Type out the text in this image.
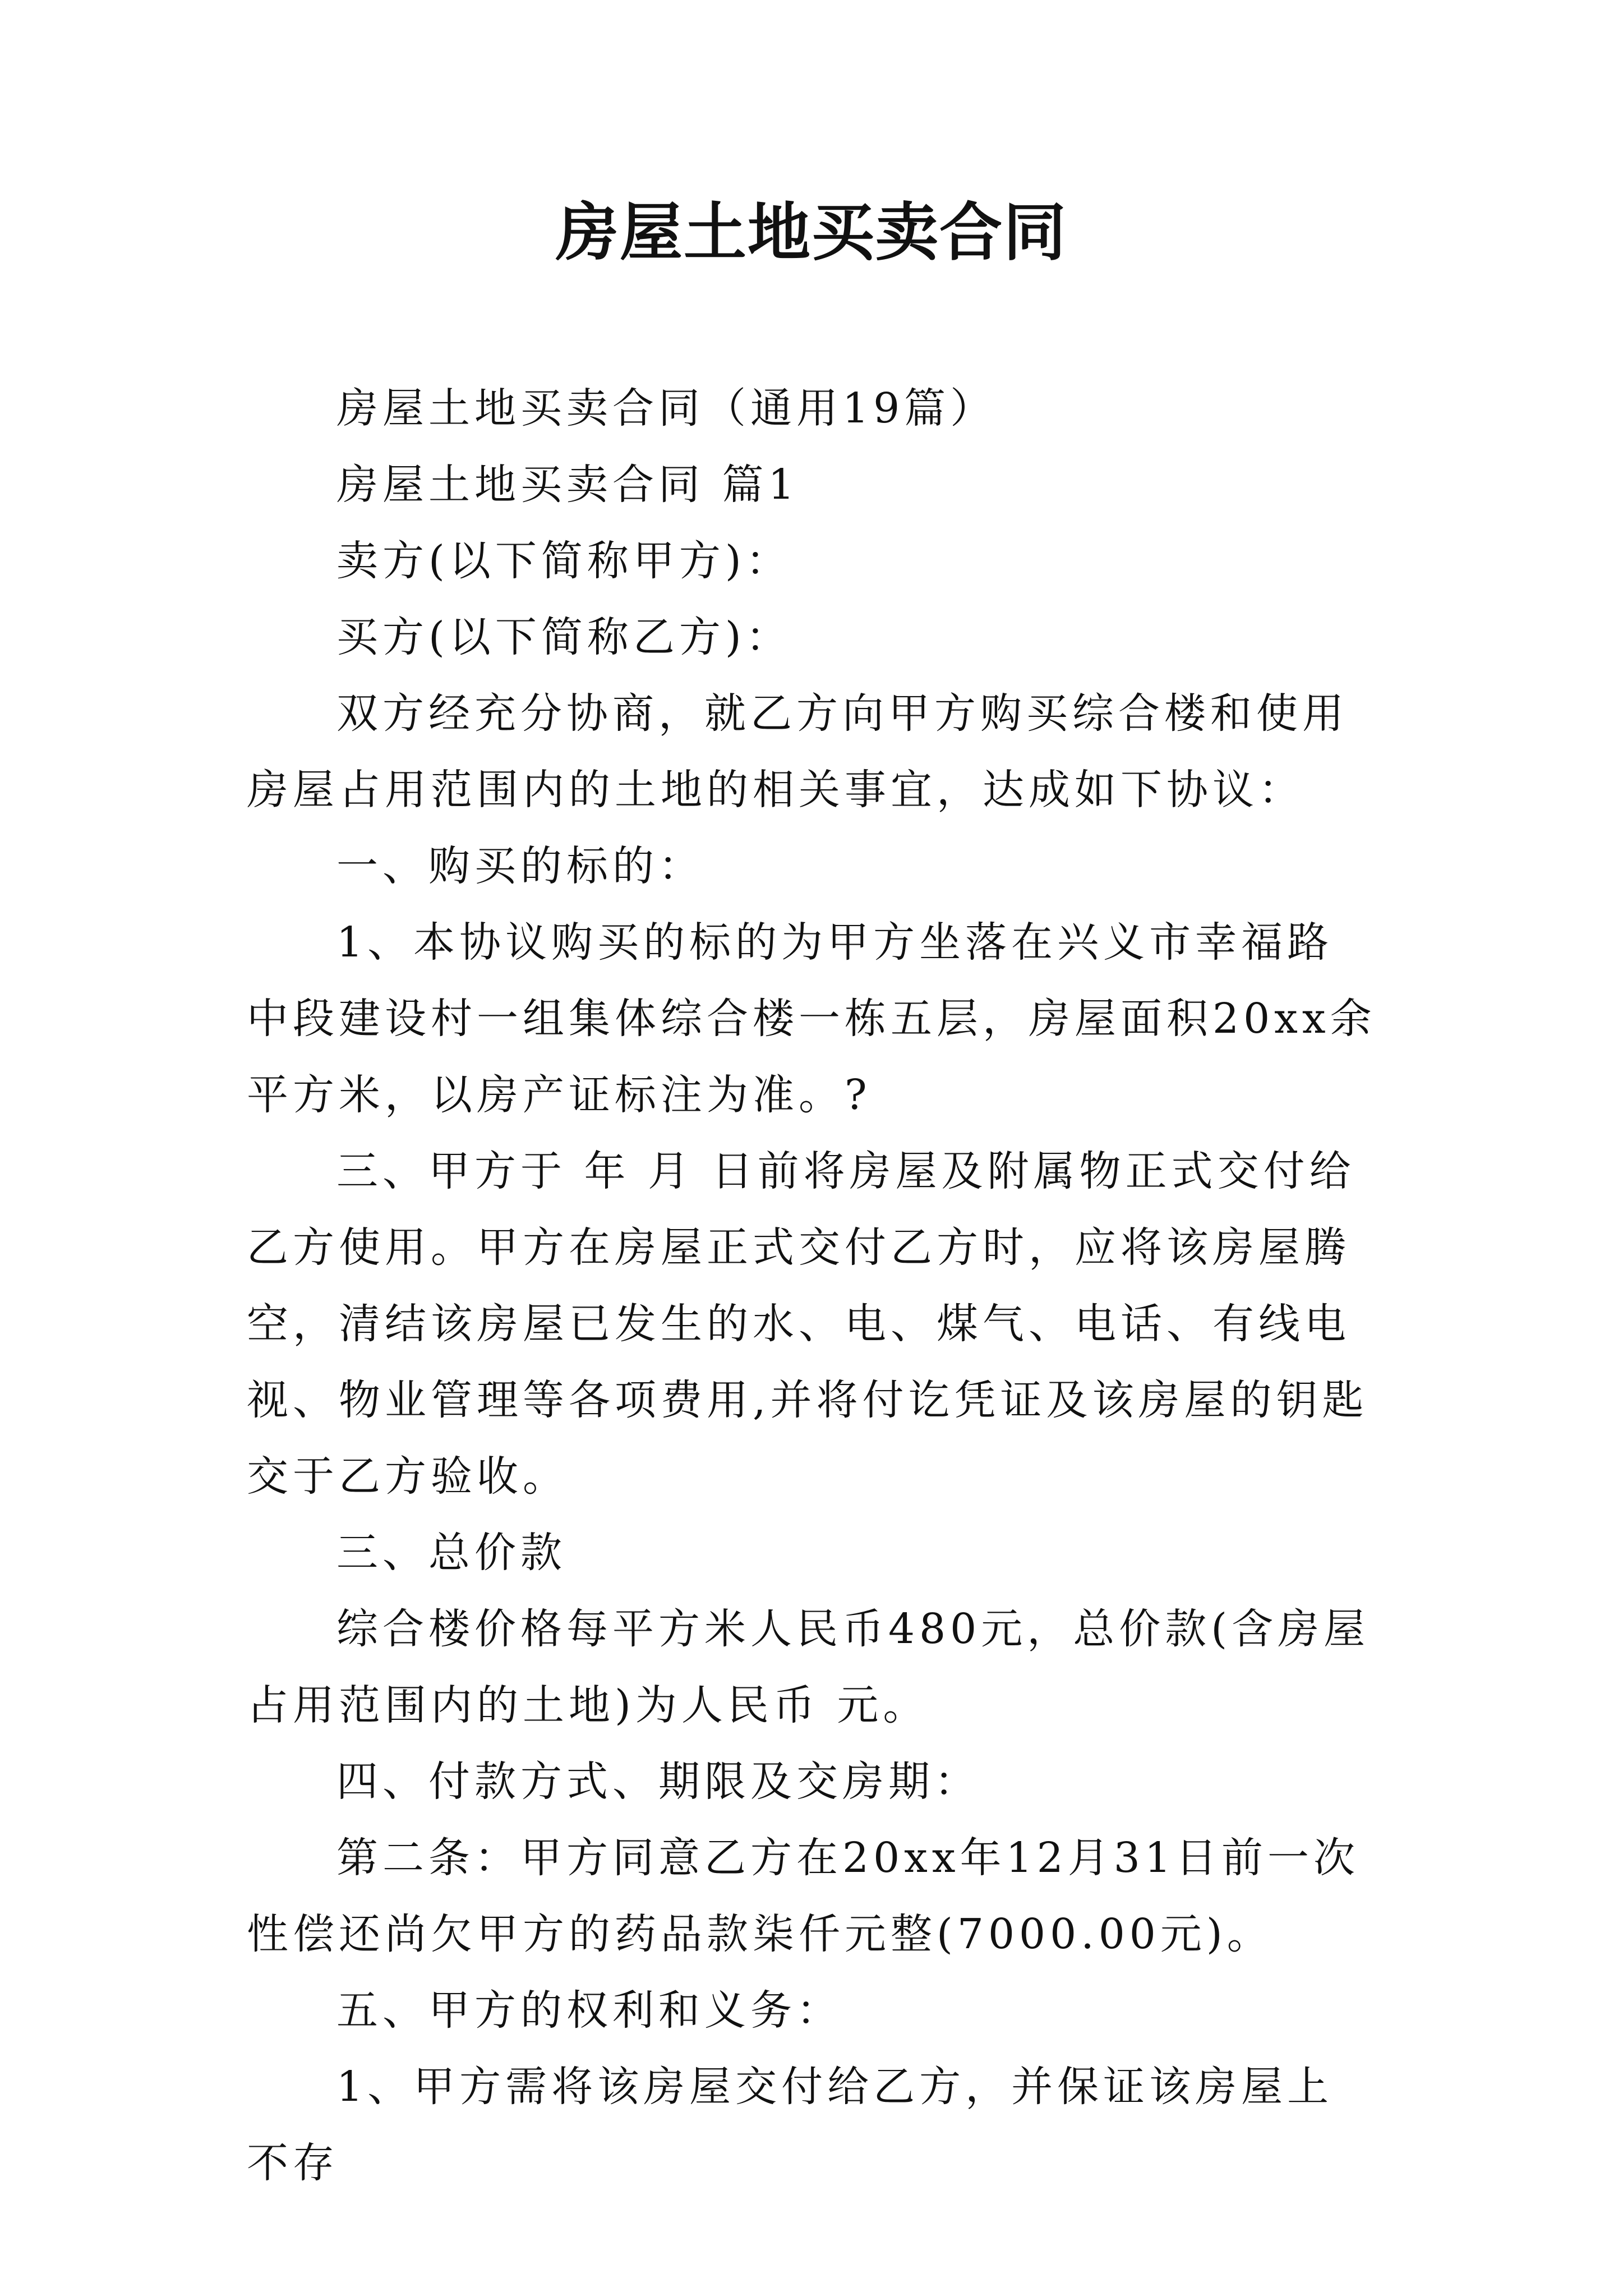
房屋土地买卖合同

房屋土地买卖合同（通用19篇）

房屋土地买卖合同 篇1

卖方(以下简称甲方)：

买方(以下简称乙方)：

双方经充分协商，就乙方向甲方购买综合楼和使用房屋占用范围内的土地的相关事宜，达成如下协议：

一、购买的标的：

1、本协议购买的标的为甲方坐落在兴义市幸福路中段建设村一组集体综合楼一栋五层，房屋面积20xx余平方米，以房产证标注为准。?

三、甲方于 年 月 日前将房屋及附属物正式交付给乙方使用。甲方在房屋正式交付乙方时，应将该房屋腾空，清结该房屋已发生的水、电、煤气、电话、有线电视、物业管理等各项费用,并将付讫凭证及该房屋的钥匙交于乙方验收。

三、总价款

综合楼价格每平方米人民币480元，总价款(含房屋占用范围内的土地)为人民币 元。

四、付款方式、期限及交房期：

第二条：甲方同意乙方在20xx年12月31日前一次性偿还尚欠甲方的药品款柒仟元整(7000.00元)。

五、甲方的权利和义务：

1、甲方需将该房屋交付给乙方，并保证该房屋上不存
